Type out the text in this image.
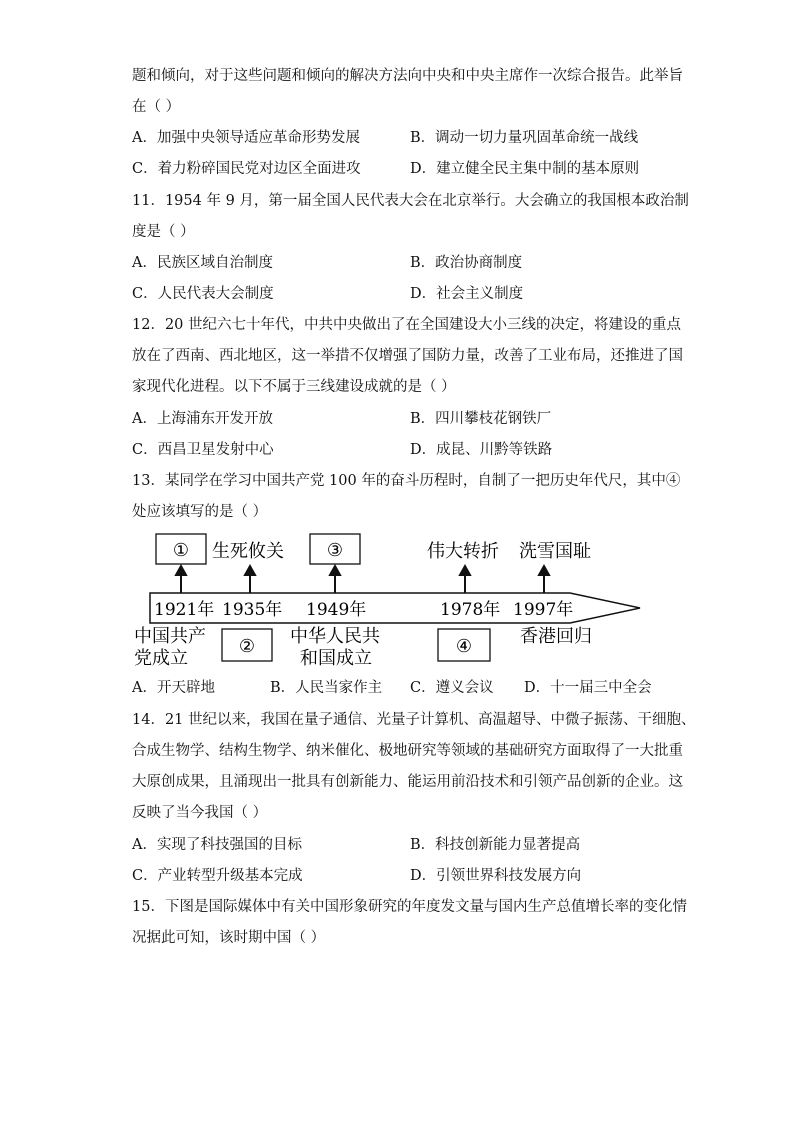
题和倾向，对于这些问题和倾向的解决方法向中央和中央主席作一次综合报告。此举旨
在（ ）
A．加强中央领导适应革命形势发展	B．调动一切力量巩固革命统一战线
C．着力粉碎国民党对边区全面进攻	D．建立健全民主集中制的基本原则
11．1954 年 9 月，第一届全国人民代表大会在北京举行。大会确立的我国根本政治制
度是（ ）
A．民族区域自治制度	B．政治协商制度
C．人民代表大会制度	D．社会主义制度
12．20 世纪六七十年代，中共中央做出了在全国建设大小三线的决定，将建设的重点
放在了西南、西北地区，这一举措不仅增强了国防力量，改善了工业布局，还推进了国
家现代化进程。以下不属于三线建设成就的是（ ）
A．上海浦东开发开放	B．四川攀枝花钢铁厂
C．西昌卫星发射中心	D．成昆、川黔等铁路
13．某同学在学习中国共产党 100 年的奋斗历程时，自制了一把历史年代尺，其中④
处应该填写的是（ ）
1921年 1935年 1949年	1978年 1997年
① 生死攸关 ③	伟大转折 洗雪国耻
中国共产
党成立
② 中华人民共
和国成立
④	香港回归
A．开天辟地	B．人民当家作主 C．遵义会议 D．十一届三中全会
14．21 世纪以来，我国在量子通信、光量子计算机、高温超导、中微子振荡、干细胞、
合成生物学、结构生物学、纳米催化、极地研究等领域的基础研究方面取得了一大批重
大原创成果，且涌现出一批具有创新能力、能运用前沿技术和引领产品创新的企业。这
反映了当今我国（ ）
A．实现了科技强国的目标	B．科技创新能力显著提高
C．产业转型升级基本完成	D．引领世界科技发展方向
15．下图是国际媒体中有关中国形象研究的年度发文量与国内生产总值增长率的变化情
况据此可知，该时期中国（ ）
